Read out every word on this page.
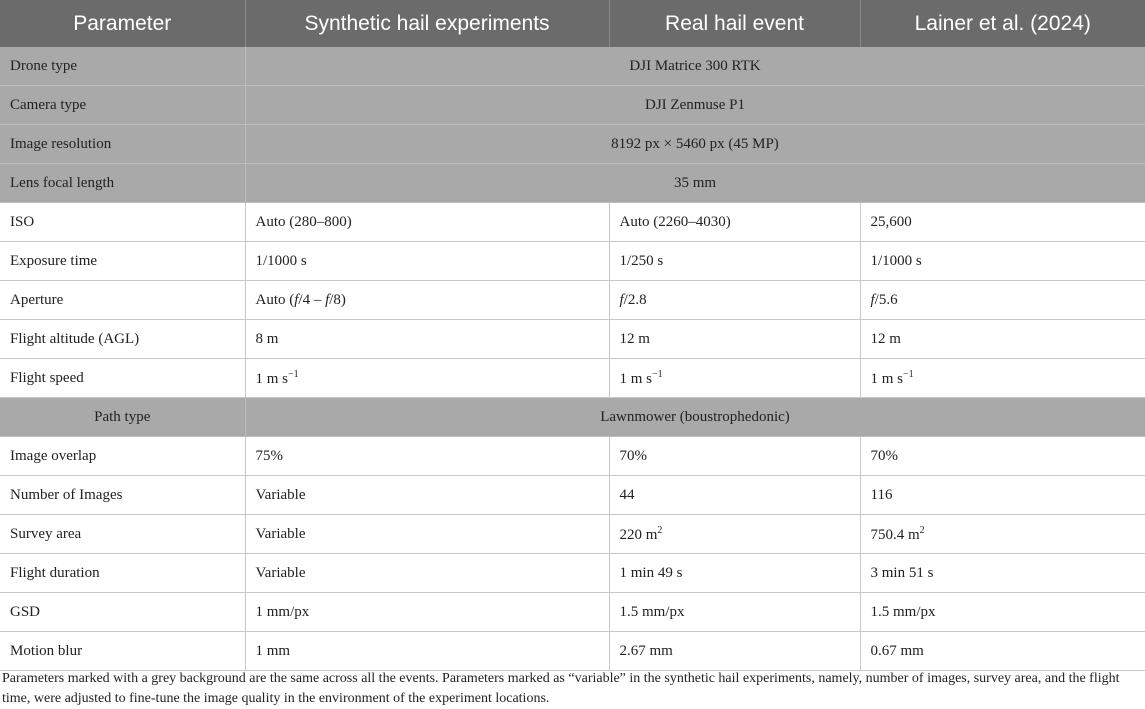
Parameter	Synthetic hail experiments	Real hail event	Lainer et al. (2024)
Drone type	DJI Matrice 300 RTK		
Camera type	DJI Zenmuse P1		
Image resolution	8192 px × 5460 px (45 MP)		
Lens focal length	35 mm		
ISO	Auto (280–800)	Auto (2260–4030)	25,600
Exposure time	1/1000 s	1/250 s	1/1000 s
Aperture	Auto (f/4 – f/8)	f/2.8	f/5.6
Flight altitude (AGL)	8 m	12 m	12 m
Flight speed	1 m $s^{-1}$	1 m $s^{-1}$	1 m $s^{-1}$
Path type	Lawnmower (boustrophedonic)		
Image overlap	75%	70%	70%
Number of Images	Variable	44	116
Survey area	Variable	220 $m^2$	750.4 $m^2$
Flight duration	Variable	1 min 49 s	3 min 51 s
GSD	1 mm/px	1.5 mm/px	1.5 mm/px
Motion blur	1 mm	2.67 mm	0.67 mm
Parameters marked with a grey background are the same across all the events. Parameters marked as “variable” in the synthetic hail experiments, namely, number of images, survey area, and the flight time, were adjusted to fine-tune the image quality in the environment of the experiment locations.
